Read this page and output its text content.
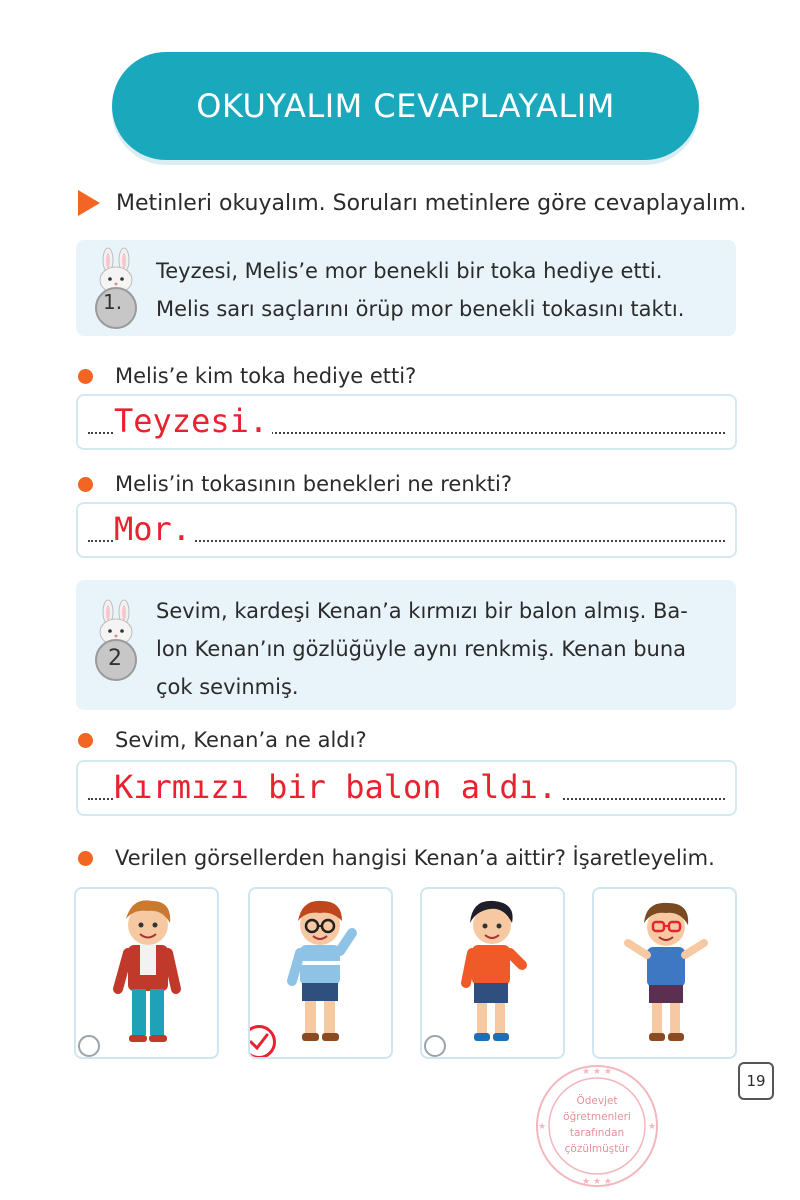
OKUYALIM CEVAPLAYALIM
Metinleri okuyalım. Soruları metinlere göre cevaplayalım.
1.
Teyzesi, Melis’e mor benekli bir toka hediye etti.
Melis sarı saçlarını örüp mor benekli tokasını taktı.
Melis’e kim toka hediye etti?
Teyzesi.
Melis’in tokasının benekleri ne renkti?
Mor.
2
Sevim, kardeşi Kenan’a kırmızı bir balon almış. Ba-
lon Kenan’ın gözlüğüyle aynı renkmiş. Kenan buna
çok sevinmiş.
Sevim, Kenan’a ne aldı?
Kırmızı bir balon aldı.
Verilen görsellerden hangisi Kenan’a aittir? İşaretleyelim.
★ ★ ★
★ ★ ★
★	★
Ödevjet
öğretmenleri
tarafından
çözülmüştür
19
